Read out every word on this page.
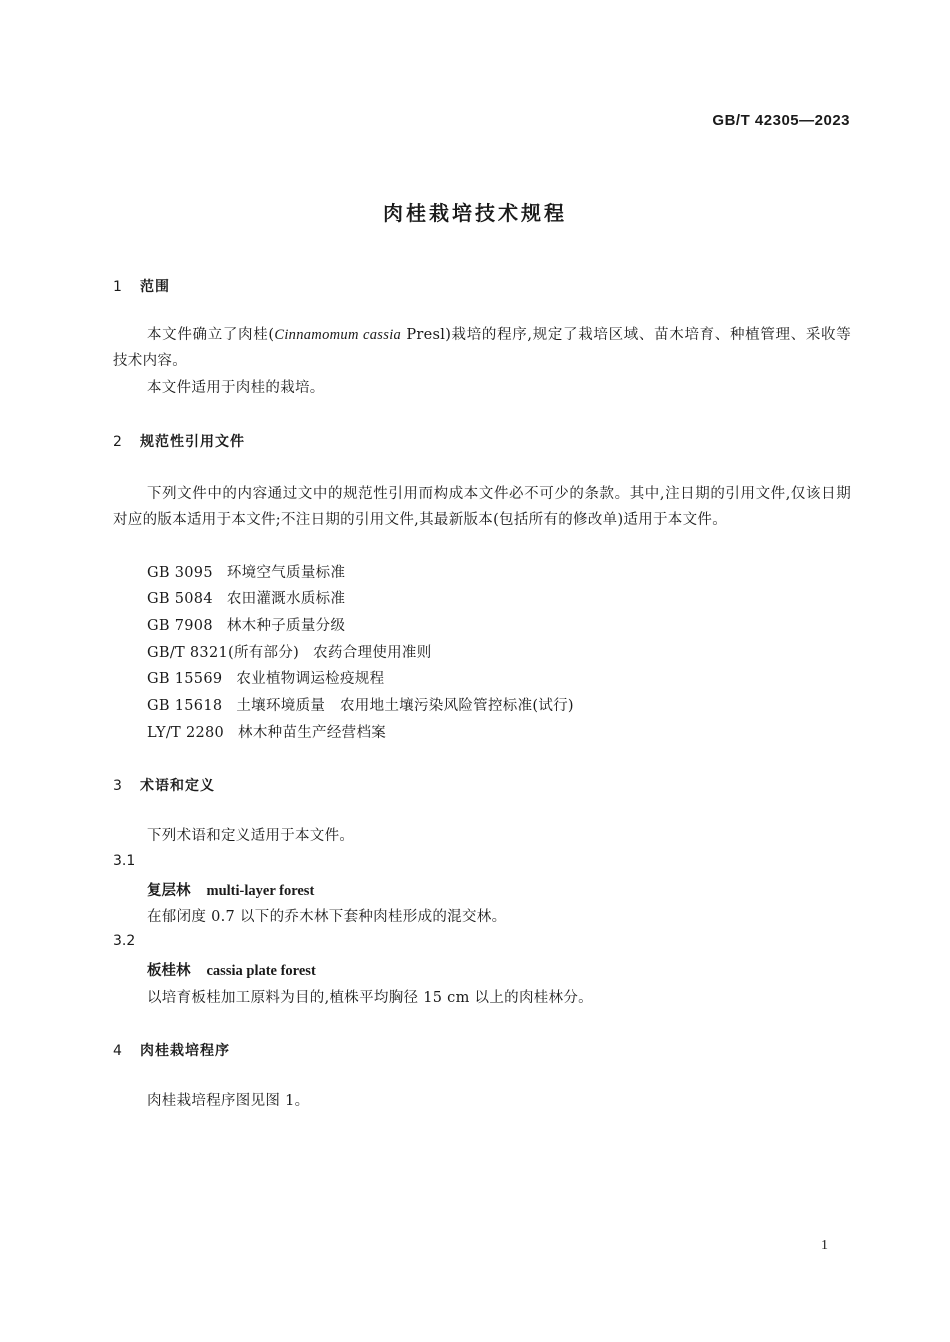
GB/T 42305—2023
肉桂栽培技术规程
1 范围
本文件确立了肉桂(Cinnamomum cassia Presl)栽培的程序,规定了栽培区域、苗木培育、种植管理、采收等技术内容。
本文件适用于肉桂的栽培。
2 规范性引用文件
下列文件中的内容通过文中的规范性引用而构成本文件必不可少的条款。其中,注日期的引用文件,仅该日期对应的版本适用于本文件;不注日期的引用文件,其最新版本(包括所有的修改单)适用于本文件。
GB 3095 环境空气质量标准
GB 5084 农田灌溉水质标准
GB 7908 林木种子质量分级
GB/T 8321(所有部分) 农药合理使用准则
GB 15569 农业植物调运检疫规程
GB 15618 土壤环境质量　农用地土壤污染风险管控标准(试行)
LY/T 2280 林木种苗生产经营档案
3 术语和定义
下列术语和定义适用于本文件。
3.1
复层林 multi-layer forest
在郁闭度 0.7 以下的乔木林下套种肉桂形成的混交林。
3.2
板桂林 cassia plate forest
以培育板桂加工原料为目的,植株平均胸径 15 cm 以上的肉桂林分。
4 肉桂栽培程序
肉桂栽培程序图见图 1。
1
